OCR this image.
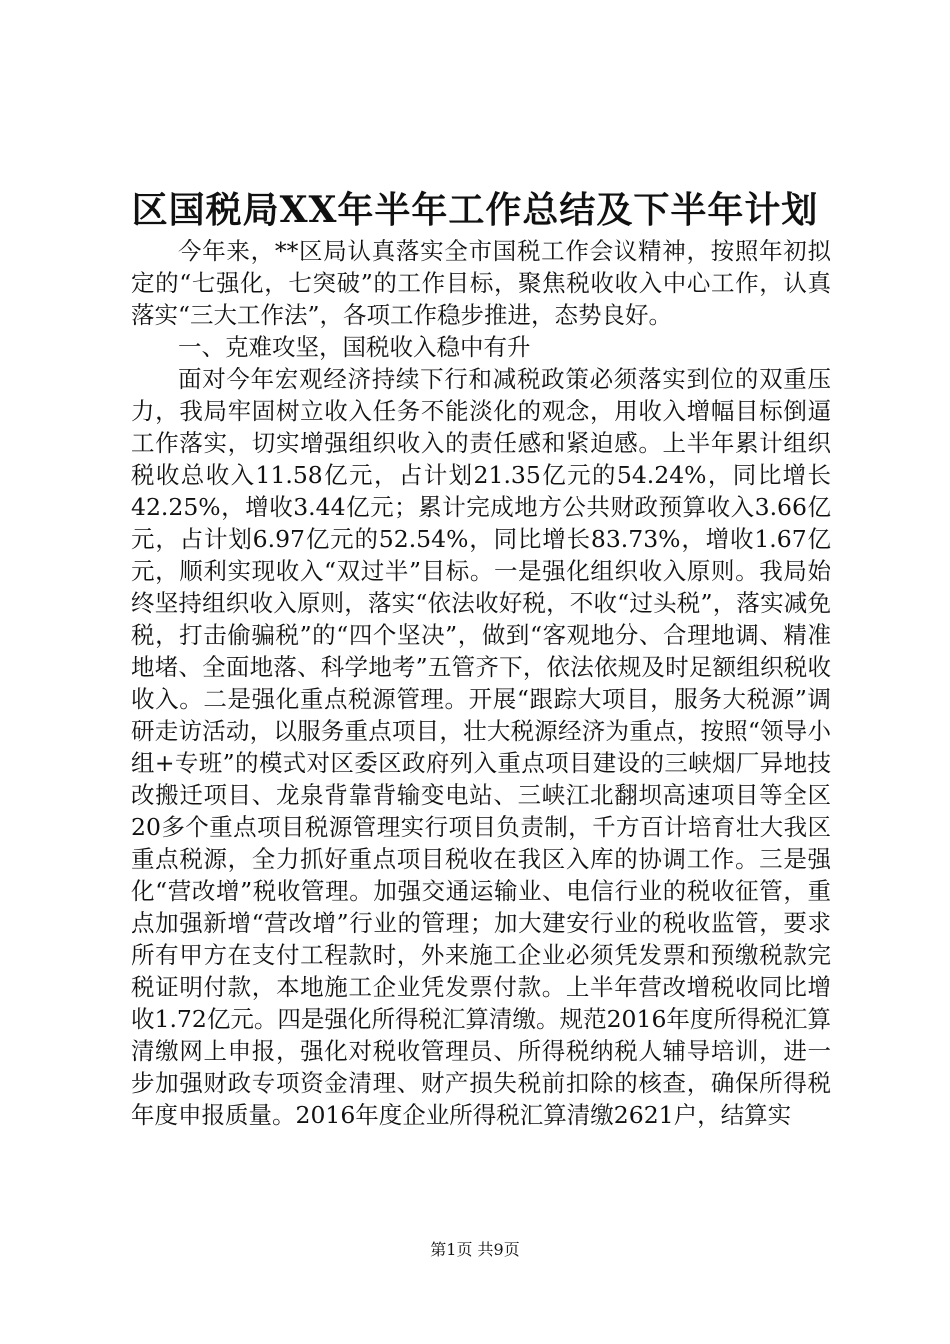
区国税局XX年半年工作总结及下半年计划

今年来，**区局认真落实全市国税工作会议精神，按照年初拟定的“七强化，七突破”的工作目标，聚焦税收收入中心工作，认真落实“三大工作法”，各项工作稳步推进，态势良好。

一、克难攻坚，国税收入稳中有升

面对今年宏观经济持续下行和减税政策必须落实到位的双重压力，我局牢固树立收入任务不能淡化的观念，用收入增幅目标倒逼工作落实，切实增强组织收入的责任感和紧迫感。上半年累计组织税收总收入11.58亿元，占计划21.35亿元的54.24%，同比增长42.25%，增收3.44亿元；累计完成地方公共财政预算收入3.66亿元，占计划6.97亿元的52.54%，同比增长83.73%，增收1.67亿元，顺利实现收入“双过半”目标。一是强化组织收入原则。我局始终坚持组织收入原则，落实“依法收好税，不收“过头税”，落实减免税，打击偷骗税”的“四个坚决”，做到“客观地分、合理地调、精准地堵、全面地落、科学地考”五管齐下，依法依规及时足额组织税收收入。二是强化重点税源管理。开展“跟踪大项目，服务大税源”调研走访活动，以服务重点项目，壮大税源经济为重点，按照“领导小组+专班”的模式对区委区政府列入重点项目建设的三峡烟厂异地技改搬迁项目、龙泉背靠背输变电站、三峡江北翻坝高速项目等全区20多个重点项目税源管理实行项目负责制，千方百计培育壮大我区重点税源，全力抓好重点项目税收在我区入库的协调工作。三是强化“营改增”税收管理。加强交通运输业、电信行业的税收征管，重点加强新增“营改增”行业的管理；加大建安行业的税收监管，要求所有甲方在支付工程款时，外来施工企业必须凭发票和预缴税款完税证明付款，本地施工企业凭发票付款。上半年营改增税收同比增收1.72亿元。四是强化所得税汇算清缴。规范2016年度所得税汇算清缴网上申报，强化对税收管理员、所得税纳税人辅导培训，进一步加强财政专项资金清理、财产损失税前扣除的核查，确保所得税年度申报质量。2016年度企业所得税汇算清缴2621户，结算实

第1页 共9页
